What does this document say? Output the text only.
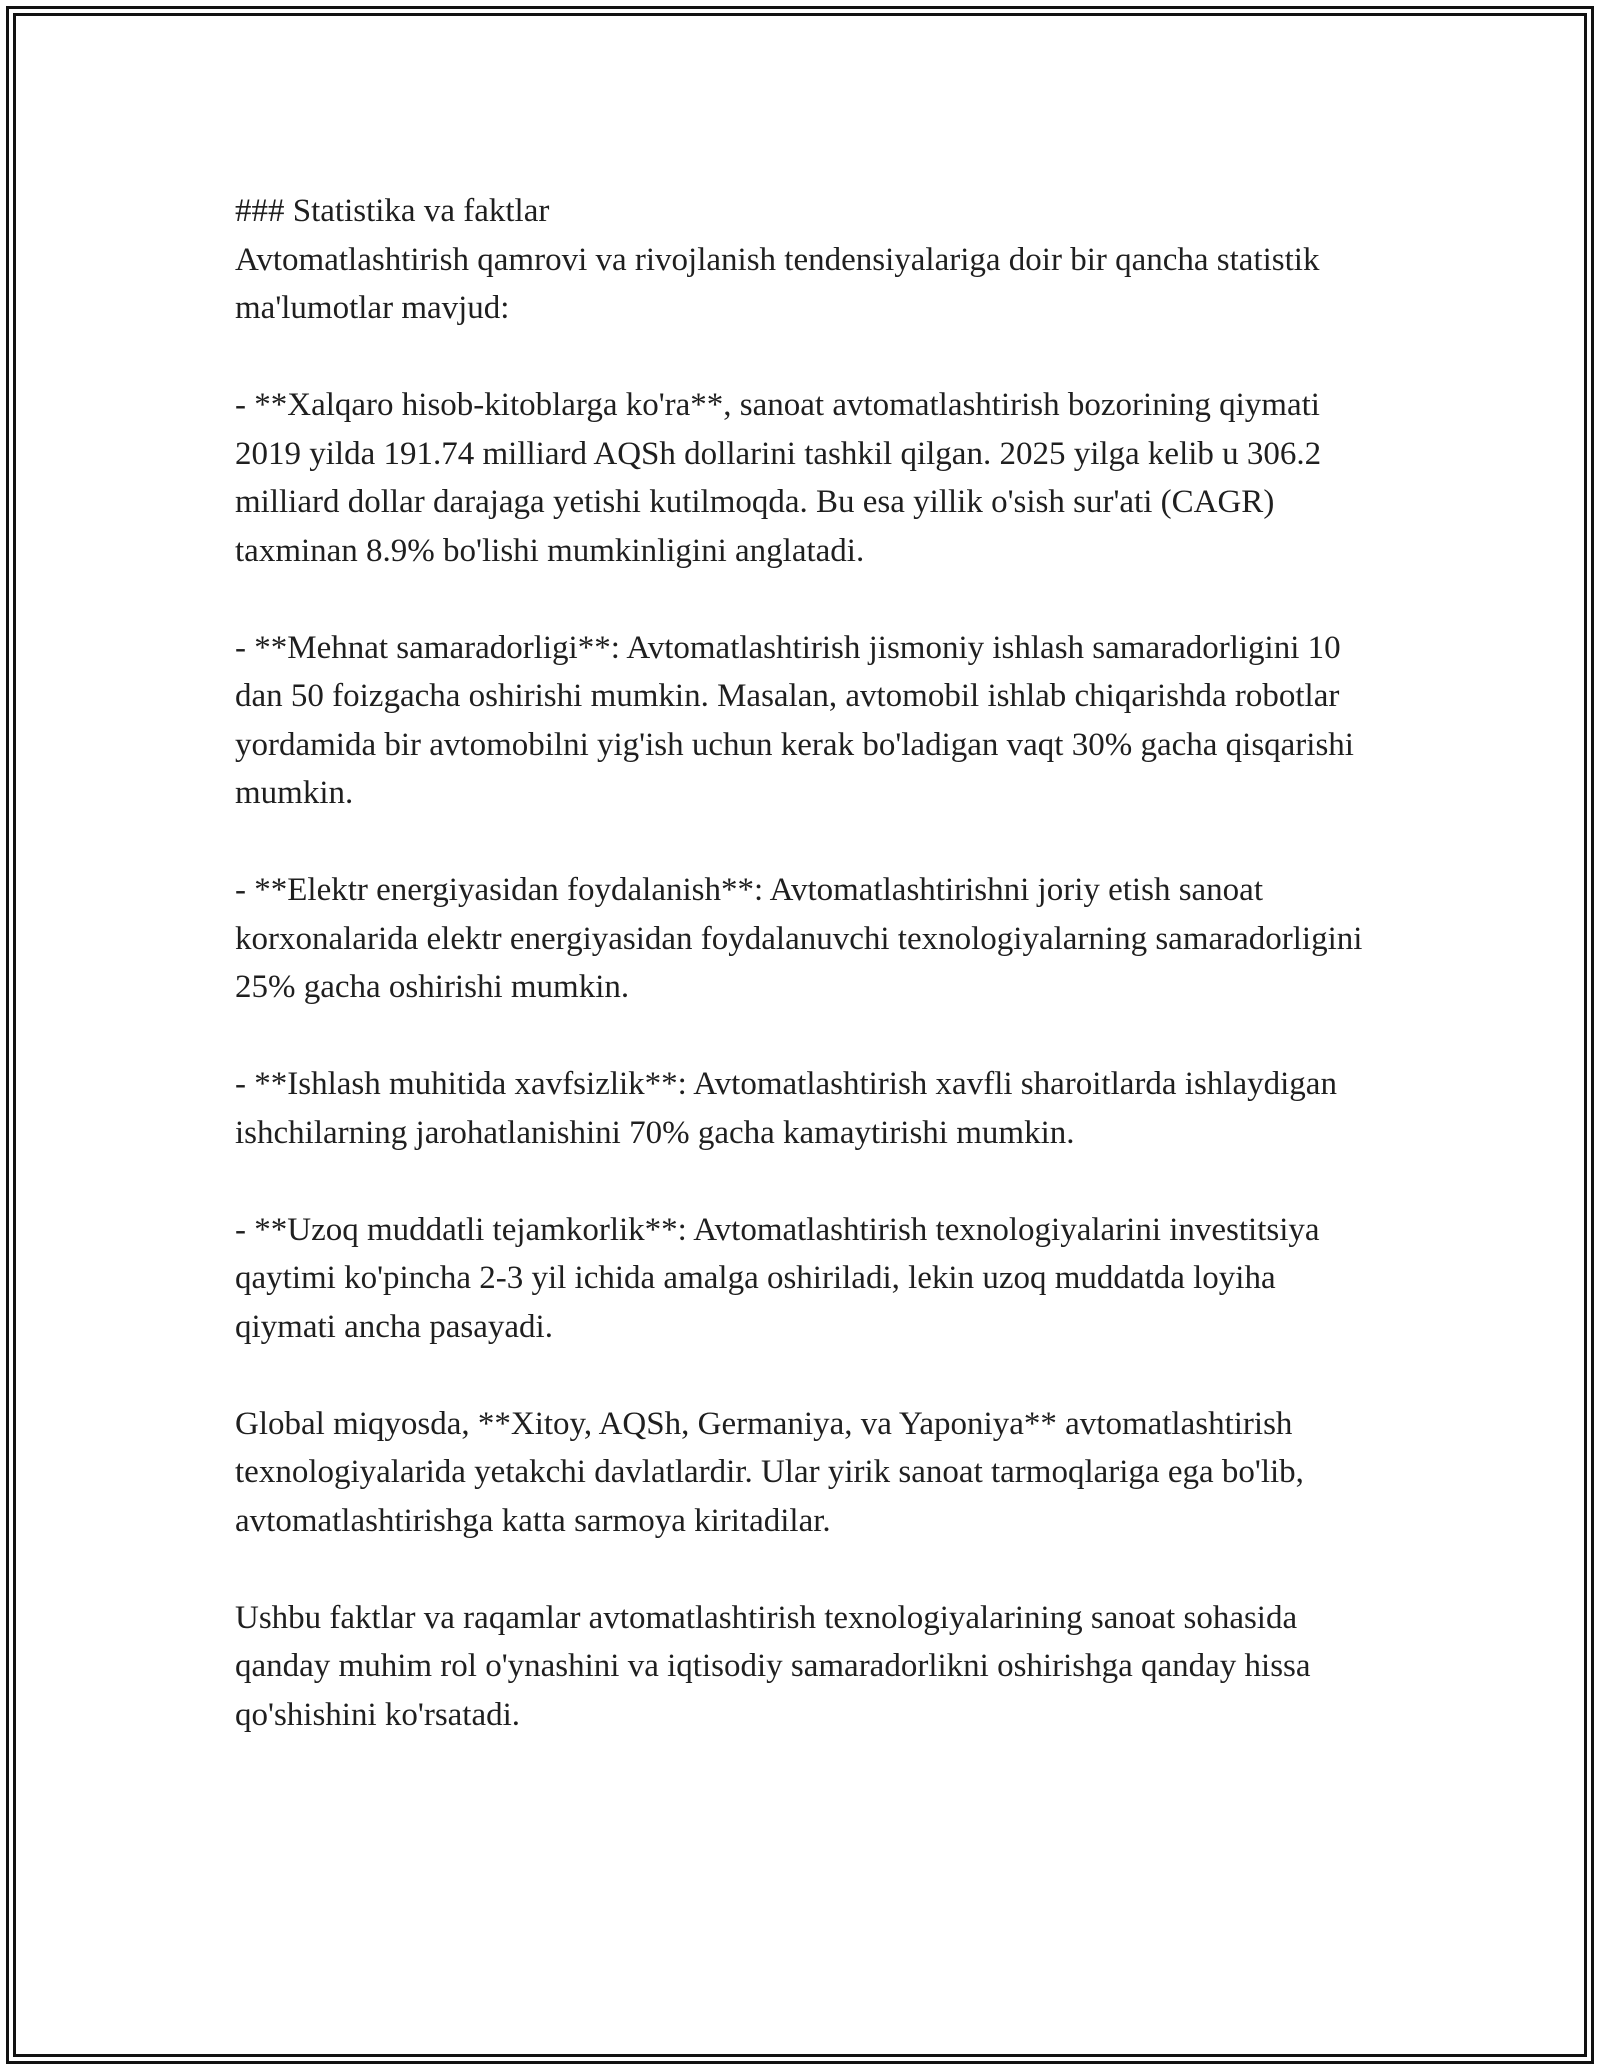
### Statistika va faktlar

Avtomatlashtirish qamrovi va rivojlanish tendensiyalariga doir bir qancha statistik ma'lumotlar mavjud:

- **Xalqaro hisob-kitoblarga ko'ra**, sanoat avtomatlashtirish bozorining qiymati 2019 yilda 191.74 milliard AQSh dollarini tashkil qilgan. 2025 yilga kelib u 306.2 milliard dollar darajaga yetishi kutilmoqda. Bu esa yillik o'sish sur'ati (CAGR) taxminan 8.9% bo'lishi mumkinligini anglatadi.

- **Mehnat samaradorligi**: Avtomatlashtirish jismoniy ishlash samaradorligini 10 dan 50 foizgacha oshirishi mumkin. Masalan, avtomobil ishlab chiqarishda robotlar yordamida bir avtomobilni yig'ish uchun kerak bo'ladigan vaqt 30% gacha qisqarishi mumkin.

- **Elektr energiyasidan foydalanish**: Avtomatlashtirishni joriy etish sanoat korxonalarida elektr energiyasidan foydalanuvchi texnologiyalarning samaradorligini 25% gacha oshirishi mumkin.

- **Ishlash muhitida xavfsizlik**: Avtomatlashtirish xavfli sharoitlarda ishlaydigan ishchilarning jarohatlanishini 70% gacha kamaytirishi mumkin.

- **Uzoq muddatli tejamkorlik**: Avtomatlashtirish texnologiyalarini investitsiya qaytimi ko'pincha 2-3 yil ichida amalga oshiriladi, lekin uzoq muddatda loyiha qiymati ancha pasayadi.

Global miqyosda, **Xitoy, AQSh, Germaniya, va Yaponiya** avtomatlashtirish texnologiyalarida yetakchi davlatlardir. Ular yirik sanoat tarmoqlariga ega bo'lib, avtomatlashtirishga katta sarmoya kiritadilar.

Ushbu faktlar va raqamlar avtomatlashtirish texnologiyalarining sanoat sohasida qanday muhim rol o'ynashini va iqtisodiy samaradorlikni oshirishga qanday hissa qo'shishini ko'rsatadi.
